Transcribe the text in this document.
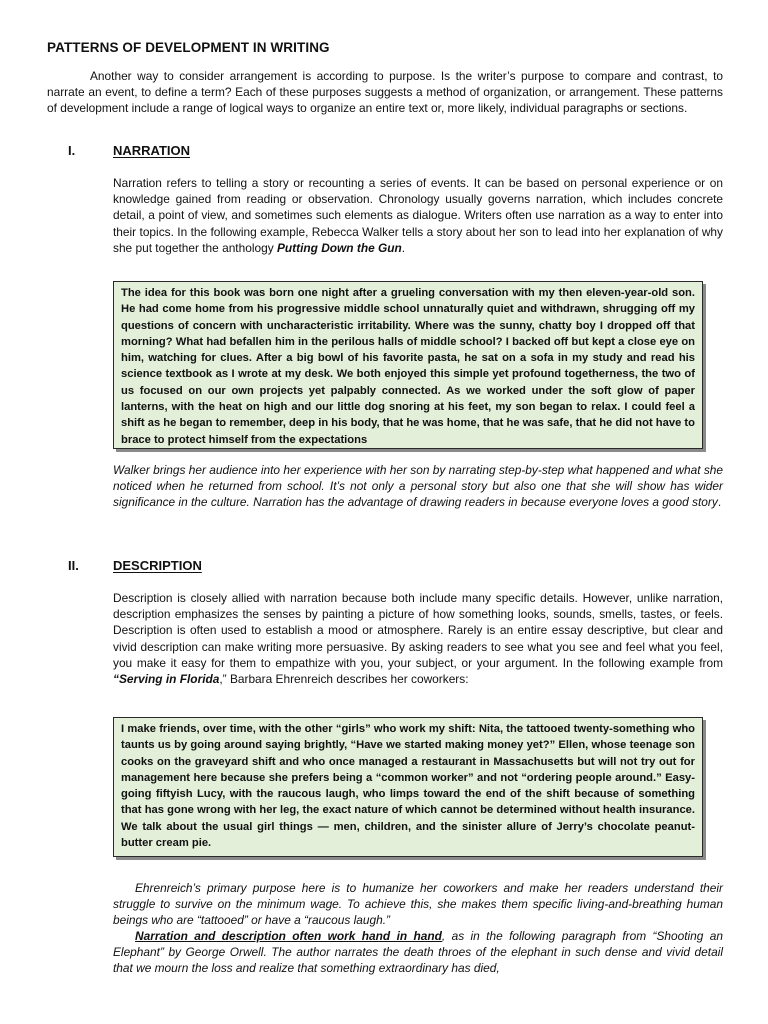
PATTERNS OF DEVELOPMENT IN WRITING
Another way to consider arrangement is according to purpose. Is the writer’s purpose to compare and contrast, to narrate an event, to define a term? Each of these purposes suggests a method of organization, or arrangement. These patterns of development include a range of logical ways to organize an entire text or, more likely, individual paragraphs or sections.
I.	NARRATION
Narration refers to telling a story or recounting a series of events. It can be based on personal experience or on knowledge gained from reading or observation. Chronology usually governs narration, which includes concrete detail, a point of view, and sometimes such elements as dialogue. Writers often use narration as a way to enter into their topics. In the following example, Rebecca Walker tells a story about her son to lead into her explanation of why she put together the anthology Putting Down the Gun.

The idea for this book was born one night after a grueling conversation with my then eleven-year-old son. He had come home from his progressive middle school unnaturally quiet and withdrawn, shrugging off my questions of concern with uncharacteristic irritability. Where was the sunny, chatty boy I dropped off that morning? What had befallen him in the perilous halls of middle school? I backed off but kept a close eye on him, watching for clues. After a big bowl of his favorite pasta, he sat on a sofa in my study and read his science textbook as I wrote at my desk. We both enjoyed this simple yet profound togetherness, the two of us focused on our own projects yet palpably connected. As we worked under the soft glow of paper lanterns, with the heat on high and our little dog snoring at his feet, my son began to relax. I could feel a shift as he began to remember, deep in his body, that he was home, that he was safe, that he did not have to brace to protect himself from the expectations

Walker brings her audience into her experience with her son by narrating step-by-step what happened and what she noticed when he returned from school. It’s not only a personal story but also one that she will show has wider significance in the culture. Narration has the advantage of drawing readers in because everyone loves a good story.
II.	DESCRIPTION
Description is closely allied with narration because both include many specific details. However, unlike narration, description emphasizes the senses by painting a picture of how something looks, sounds, smells, tastes, or feels. Description is often used to establish a mood or atmosphere. Rarely is an entire essay descriptive, but clear and vivid description can make writing more persuasive. By asking readers to see what you see and feel what you feel, you make it easy for them to empathize with you, your subject, or your argument. In the following example from “Serving in Florida,” Barbara Ehrenreich describes her coworkers:

I make friends, over time, with the other “girls” who work my shift: Nita, the tattooed twenty-something who taunts us by going around saying brightly, “Have we started making money yet?” Ellen, whose teenage son cooks on the graveyard shift and who once managed a restaurant in Massachusetts but will not try out for management here because she prefers being a “common worker” and not “ordering people around.” Easy-going fiftyish Lucy, with the raucous laugh, who limps toward the end of the shift because of something that has gone wrong with her leg, the exact nature of which cannot be determined without health insurance. We talk about the usual girl things — men, children, and the sinister allure of Jerry’s chocolate peanut-butter cream pie.

Ehrenreich’s primary purpose here is to humanize her coworkers and make her readers understand their struggle to survive on the minimum wage. To achieve this, she makes them specific living-and-breathing human beings who are “tattooed” or have a “raucous laugh.”
Narration and description often work hand in hand, as in the following paragraph from “Shooting an Elephant” by George Orwell. The author narrates the death throes of the elephant in such dense and vivid detail that we mourn the loss and realize that something extraordinary has died,
